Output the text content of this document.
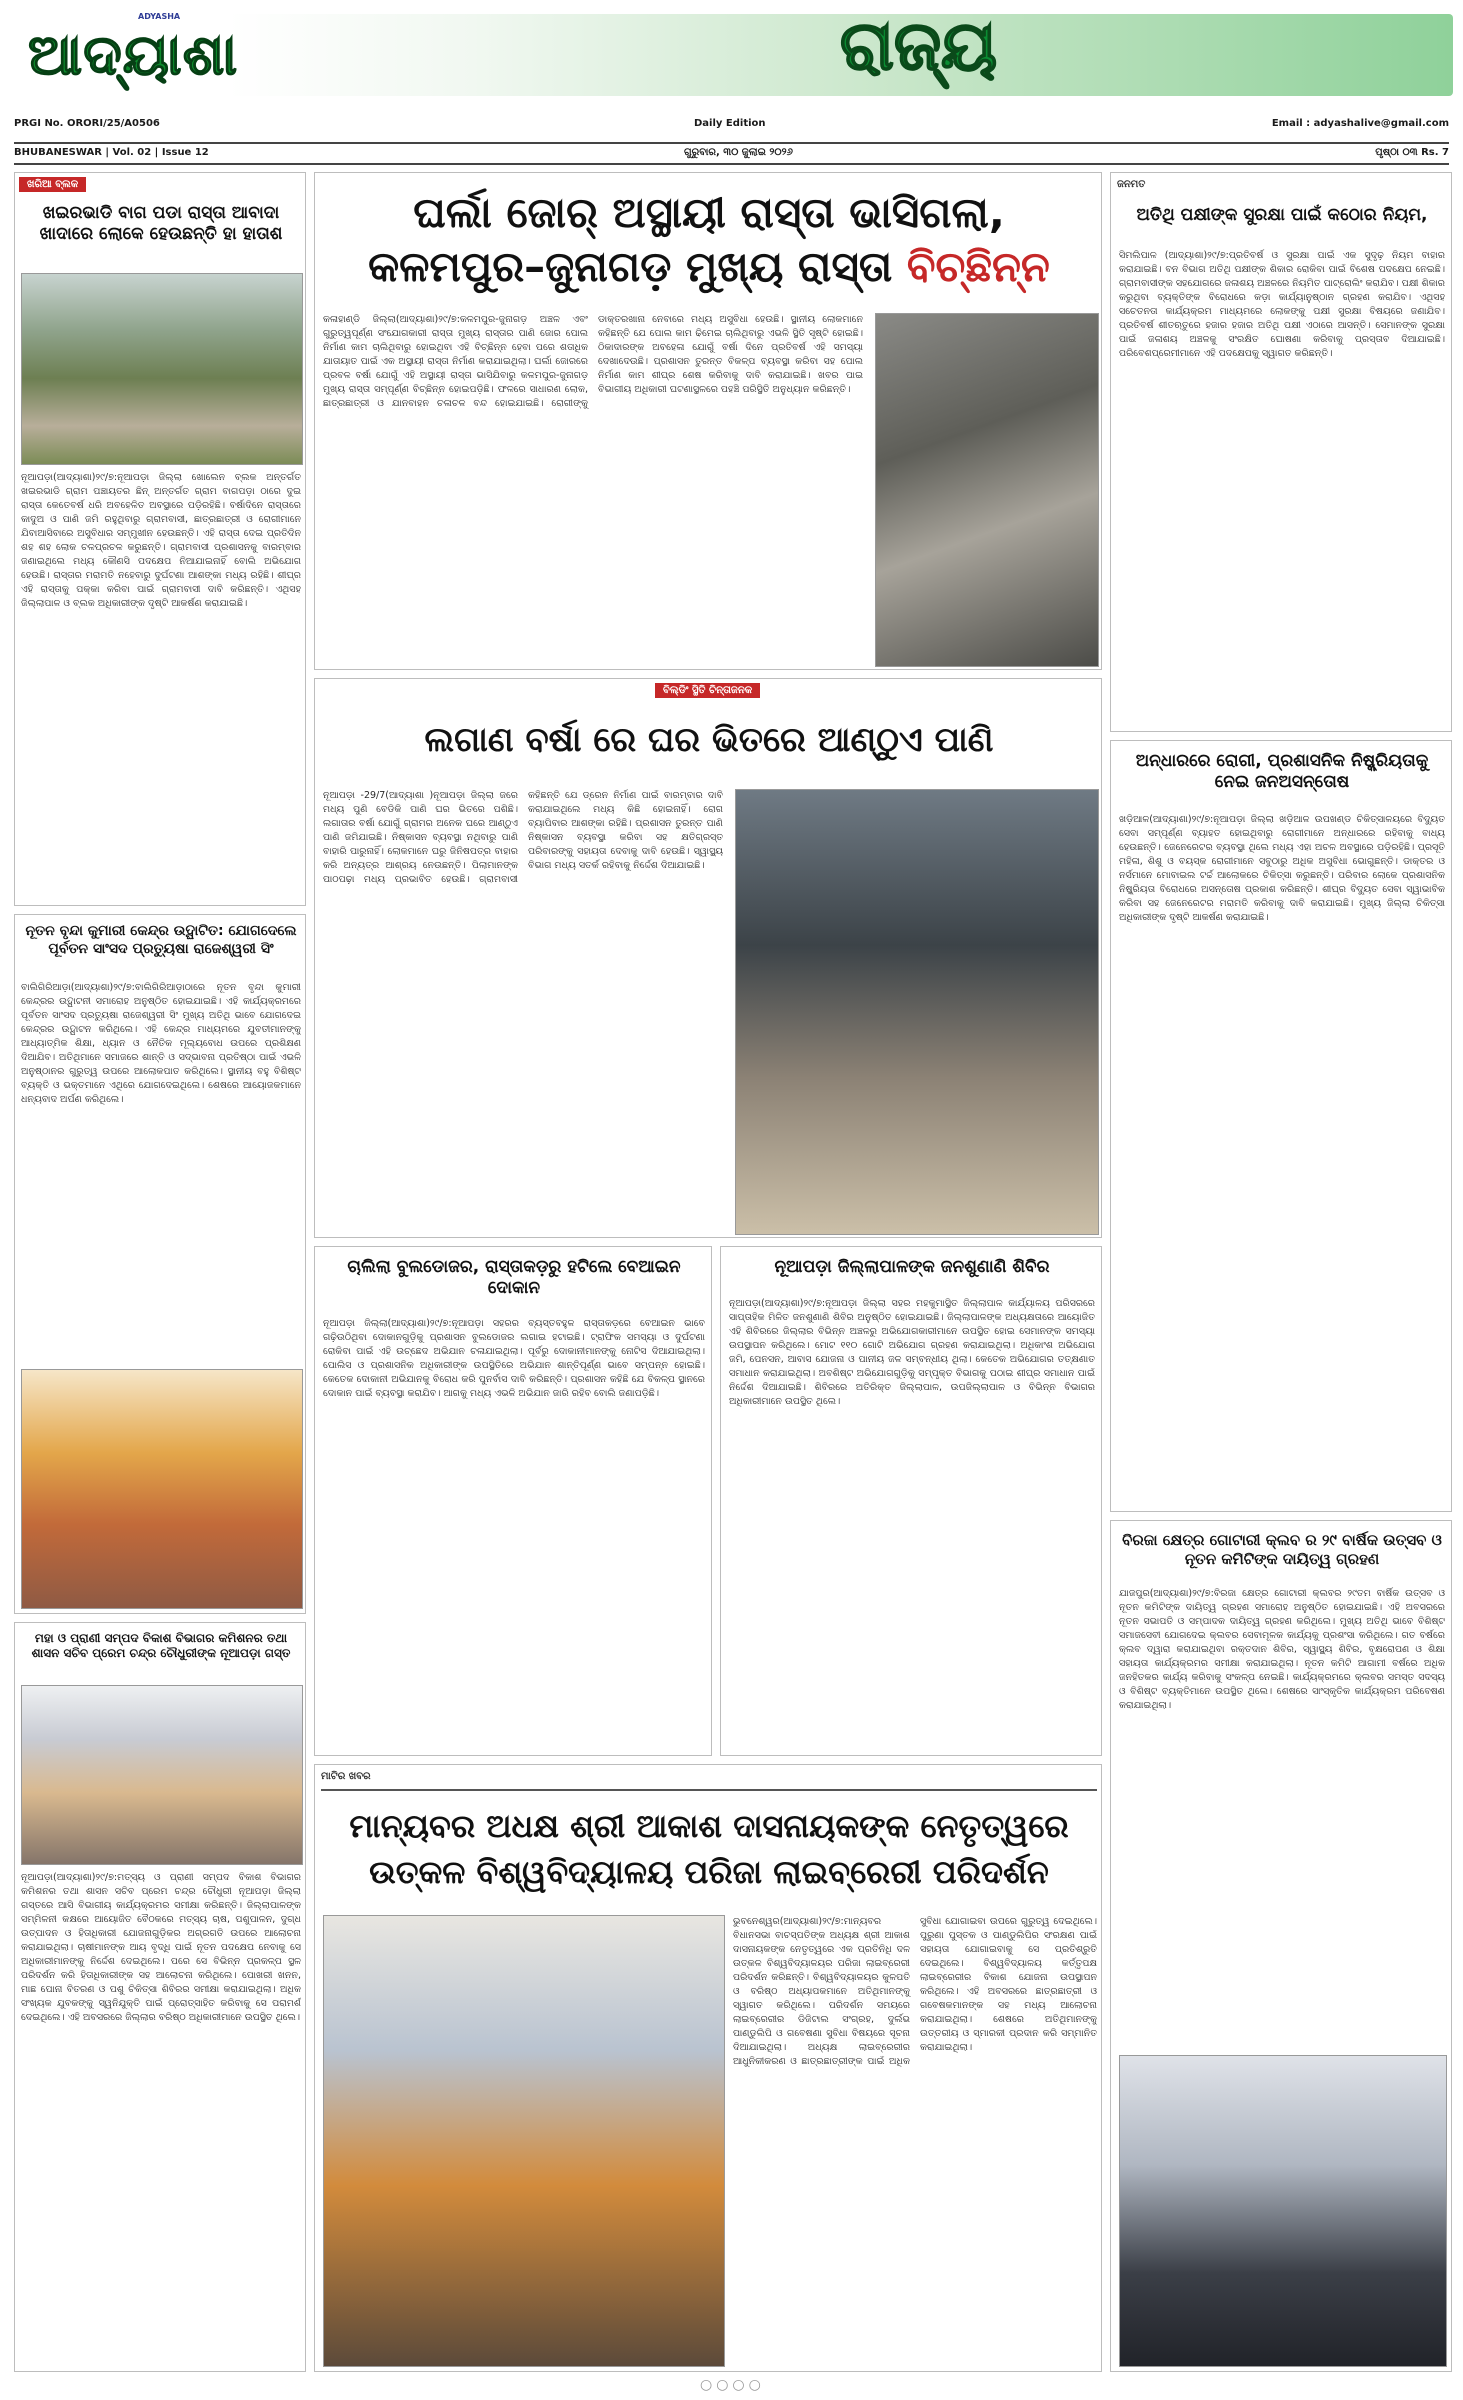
ADYASHA
ଆଦ୍ୟାଶା	ରାଜ୍ୟ
PRGI No. ORORI/25/A0506	Daily Edition	Email : adyashalive@gmail.com
BHUBANESWAR | Vol. 02 | Issue 12	ଗୁରୁବାର, ୩୦ ଜୁଲାଇ ୨୦୨୬	ପୃଷ୍ଠା ୦୩ Rs. 7
ଖରିଆ ବ୍ଲକ
ଖଇରଭାଡି ବାଗ ପଡା ରାସ୍ତା ଆବାଦା ଖାଦାରେ ଲୋକେ ହେଉଛନ୍ତି ହା ହାତାଶ
ନୂଆପଡ଼ା(ଆଦ୍ୟାଶା)୨୯/୭:ନୂଆପଡ଼ା ଜିଲ୍ଲା ଖୋଲେନ ବ୍ଲକ ଅନ୍ତର୍ଗତ ଖଇରଭାଡି ଗ୍ରାମ ପଞ୍ଚାୟତର ଛିନ୍ ଅନ୍ତର୍ଗତ ଗ୍ରାମ ବାଗପଡ଼ା ଠାରେ ଦୁଇ ରାସ୍ତା କେତେବର୍ଷ ଧରି ଅବହେଳିତ ଅବସ୍ଥାରେ ପଡ଼ିରହିଛି। ବର୍ଷାଦିନେ ରାସ୍ତାରେ କାଦୁଅ ଓ ପାଣି ଜମି ରହୁଥିବାରୁ ଗ୍ରାମବାସୀ, ଛାତ୍ରଛାତ୍ରୀ ଓ ରୋଗୀମାନେ ଯିବାଆସିବାରେ ଅସୁବିଧାର ସମ୍ମୁଖୀନ ହେଉଛନ୍ତି। ଏହି ରାସ୍ତା ଦେଇ ପ୍ରତିଦିନ ଶହ ଶହ ଲୋକ ଚଳପ୍ରଚଳ କରୁଛନ୍ତି। ଗ୍ରାମବାସୀ ପ୍ରଶାସନକୁ ବାରମ୍ବାର ଜଣାଇଥିଲେ ମଧ୍ୟ କୌଣସି ପଦକ୍ଷେପ ନିଆଯାଇନାହିଁ ବୋଲି ଅଭିଯୋଗ ହେଉଛି। ରାସ୍ତାର ମରାମତି ନହେବାରୁ ଦୁର୍ଘଟଣା ଆଶଙ୍କା ମଧ୍ୟ ରହିଛି। ଶୀଘ୍ର ଏହି ରାସ୍ତାକୁ ପକ୍କା କରିବା ପାଇଁ ଗ୍ରାମବାସୀ ଦାବି କରିଛନ୍ତି। ଏଥିସହ ଜିଲ୍ଲାପାଳ ଓ ବ୍ଲକ ଅଧିକାରୀଙ୍କ ଦୃଷ୍ଟି ଆକର୍ଷଣ କରାଯାଇଛି।
ଘର୍ଲା ଜୋର୍ ଅସ୍ଥାୟୀ ରାସ୍ତା ଭାସିଗଲା,
କଳମପୁର–ଜୁନାଗଡ଼ ମୁଖ୍ୟ ରାସ୍ତା ବିଚ୍ଛିନ୍ନ
କଳାହାଣ୍ଡି ଜିଲ୍ଲା(ଆଦ୍ୟାଶା)୨୯/୭:କଳମପୁର-ଜୁନାଗଡ଼ ଅଞ୍ଚଳ ଏବଂ ଗୁରୁତ୍ୱପୂର୍ଣ୍ଣ ସଂଯୋଗକାରୀ ରାସ୍ତା ମୁଖ୍ୟ ରାସ୍ତାର ପାଣି ଜୋର ପୋଲ ନିର୍ମାଣ କାମ ଚାଲିଥିବାରୁ ହୋଇଥିବା ଏହି ବିଚ୍ଛିନ୍ନ ହେବା ପରେ ଶତାଧିକ ଯାତାୟାତ ପାଇଁ ଏକ ଅସ୍ଥାୟୀ ରାସ୍ତା ନିର୍ମାଣ କରାଯାଇଥିଲା। ଘର୍ଲା ଜୋରରେ ପ୍ରବଳ ବର୍ଷା ଯୋଗୁଁ ଏହି ଅସ୍ଥାୟୀ ରାସ୍ତା ଭାସିଯିବାରୁ କଳମପୁର-ଜୁନାଗଡ଼ ମୁଖ୍ୟ ରାସ୍ତା ସମ୍ପୂର୍ଣ୍ଣ ବିଚ୍ଛିନ୍ନ ହୋଇପଡ଼ିଛି। ଫଳରେ ସାଧାରଣ ଲୋକ, ଛାତ୍ରଛାତ୍ରୀ ଓ ଯାନବାହନ ଚଳାଚଳ ବନ୍ଦ ହୋଇଯାଇଛି। ରୋଗୀଙ୍କୁ ଡାକ୍ତରଖାନା ନେବାରେ ମଧ୍ୟ ଅସୁବିଧା ହେଉଛି। ସ୍ଥାନୀୟ ଲୋକମାନେ କହିଛନ୍ତି ଯେ ପୋଲ କାମ ଢିମେଇ ଚାଲିଥିବାରୁ ଏଭଳି ସ୍ଥିତି ସୃଷ୍ଟି ହୋଇଛି। ଠିକାଦାରଙ୍କ ଅବହେଳା ଯୋଗୁଁ ବର୍ଷା ଦିନେ ପ୍ରତିବର୍ଷ ଏହି ସମସ୍ୟା ଦେଖାଦେଉଛି। ପ୍ରଶାସନ ତୁରନ୍ତ ବିକଳ୍ପ ବ୍ୟବସ୍ଥା କରିବା ସହ ପୋଲ ନିର୍ମାଣ କାମ ଶୀଘ୍ର ଶେଷ କରିବାକୁ ଦାବି କରାଯାଇଛି। ଖବର ପାଇ ବିଭାଗୀୟ ଅଧିକାରୀ ଘଟଣାସ୍ଥଳରେ ପହଞ୍ଚି ପରିସ୍ଥିତି ଅନୁଧ୍ୟାନ କରିଛନ୍ତି।
ଜନମତ
ଅତିଥି ପକ୍ଷୀଙ୍କ ସୁରକ୍ଷା ପାଇଁ କଠୋର ନିୟମ,
ସିମଲିପାଳ (ଆଦ୍ୟାଶା)୨୯/୭:ପ୍ରତିବର୍ଷ ଓ ସୁରକ୍ଷା ପାଇଁ ଏକ ସୁଦୃଢ଼ ନିୟମ ବାହାର କରାଯାଇଛି। ବନ ବିଭାଗ ଅତିଥି ପକ୍ଷୀଙ୍କ ଶିକାର ରୋକିବା ପାଇଁ ବିଶେଷ ପଦକ୍ଷେପ ନେଇଛି। ଗ୍ରାମବାସୀଙ୍କ ସହଯୋଗରେ ଜଳାଶୟ ଅଞ୍ଚଳରେ ନିୟମିତ ପାଟ୍ରୋଲିଂ କରାଯିବ। ପକ୍ଷୀ ଶିକାର କରୁଥିବା ବ୍ୟକ୍ତିଙ୍କ ବିରୋଧରେ କଡ଼ା କାର୍ଯ୍ୟାନୁଷ୍ଠାନ ଗ୍ରହଣ କରାଯିବ। ଏଥିସହ ସଚେତନତା କାର୍ଯ୍ୟକ୍ରମ ମାଧ୍ୟମରେ ଲୋକଙ୍କୁ ପକ୍ଷୀ ସୁରକ୍ଷା ବିଷୟରେ ଜଣାଯିବ। ପ୍ରତିବର୍ଷ ଶୀତଋତୁରେ ହଜାର ହଜାର ଅତିଥି ପକ୍ଷୀ ଏଠାରେ ଆସନ୍ତି। ସେମାନଙ୍କ ସୁରକ୍ଷା ପାଇଁ ଜଳାଶୟ ଅଞ୍ଚଳକୁ ସଂରକ୍ଷିତ ଘୋଷଣା କରିବାକୁ ପ୍ରସ୍ତାବ ଦିଆଯାଇଛି। ପରିବେଶପ୍ରେମୀମାନେ ଏହି ପଦକ୍ଷେପକୁ ସ୍ୱାଗତ କରିଛନ୍ତି।
ବିଲ୍ଡିଂ ସ୍ଥିତି ଚିନ୍ତାଜନକ
ଲଗାଣ ବର୍ଷା ରେ ଘର ଭିତରେ ଆଣ୍ଠୁଏ ପାଣି
ନୂଆପଡ଼ା -29/7(ଆଦ୍ୟାଶା )ନୂଆପଡ଼ା ଜିଲ୍ଲା ଜରେ ମଧ୍ୟ ପୁଣି ବେଡିକି ପାଣି ଘର ଭିତରେ ପଶିଛି। ଲଗାତାର ବର୍ଷା ଯୋଗୁଁ ଗ୍ରାମର ଅନେକ ଘରେ ଆଣ୍ଠୁଏ ପାଣି ଜମିଯାଇଛି। ନିଷ୍କାସନ ବ୍ୟବସ୍ଥା ନଥିବାରୁ ପାଣି ବାହାରି ପାରୁନାହିଁ। ଲୋକମାନେ ଘରୁ ଜିନିଷପତ୍ର ବାହାର କରି ଅନ୍ୟତ୍ର ଆଶ୍ରୟ ନେଉଛନ୍ତି। ପିଲାମାନଙ୍କ ପାଠପଢ଼ା ମଧ୍ୟ ପ୍ରଭାବିତ ହେଉଛି। ଗ୍ରାମବାସୀ କହିଛନ୍ତି ଯେ ଡ୍ରେନ ନିର୍ମାଣ ପାଇଁ ବାରମ୍ବାର ଦାବି କରାଯାଇଥିଲେ ମଧ୍ୟ କିଛି ହୋଇନାହିଁ। ରୋଗ ବ୍ୟାପିବାର ଆଶଙ୍କା ରହିଛି। ପ୍ରଶାସନ ତୁରନ୍ତ ପାଣି ନିଷ୍କାସନ ବ୍ୟବସ୍ଥା କରିବା ସହ କ୍ଷତିଗ୍ରସ୍ତ ପରିବାରଙ୍କୁ ସହାୟତା ଦେବାକୁ ଦାବି ହେଉଛି। ସ୍ୱାସ୍ଥ୍ୟ ବିଭାଗ ମଧ୍ୟ ସତର୍କ ରହିବାକୁ ନିର୍ଦ୍ଦେଶ ଦିଆଯାଇଛି।
ଅନ୍ଧାରରେ ରୋଗୀ, ପ୍ରଶାସନିକ ନିଷ୍କ୍ରିୟତାକୁ ନେଇ ଜନଅସନ୍ତୋଷ
ଖଡ଼ିଆଳ(ଆଦ୍ୟାଶା)୨୯/୭:ନୂଆପଡ଼ା ଜିଲ୍ଲା ଖଡ଼ିଆଳ ଉପଖଣ୍ଡ ଚିକିତ୍ସାଳୟରେ ବିଦ୍ୟୁତ ସେବା ସମ୍ପୂର୍ଣ୍ଣ ବ୍ୟାହତ ହୋଇଥିବାରୁ ରୋଗୀମାନେ ଅନ୍ଧାରରେ ରହିବାକୁ ବାଧ୍ୟ ହେଉଛନ୍ତି। ଜେନେରେଟର ବ୍ୟବସ୍ଥା ଥିଲେ ମଧ୍ୟ ଏହା ଅଚଳ ଅବସ୍ଥାରେ ପଡ଼ିରହିଛି। ପ୍ରସୂତି ମହିଳା, ଶିଶୁ ଓ ବୟସ୍କ ରୋଗୀମାନେ ସବୁଠାରୁ ଅଧିକ ଅସୁବିଧା ଭୋଗୁଛନ୍ତି। ଡାକ୍ତର ଓ ନର୍ସମାନେ ମୋବାଇଲ ଟର୍ଚ୍ଚ ଆଲୋକରେ ଚିକିତ୍ସା କରୁଛନ୍ତି। ପରିବାର ଲୋକେ ପ୍ରଶାସନିକ ନିଷ୍କ୍ରିୟତା ବିରୋଧରେ ଅସନ୍ତୋଷ ପ୍ରକାଶ କରିଛନ୍ତି। ଶୀଘ୍ର ବିଦ୍ୟୁତ ସେବା ସ୍ୱାଭାବିକ କରିବା ସହ ଜେନେରେଟର ମରାମତି କରିବାକୁ ଦାବି କରାଯାଇଛି। ମୁଖ୍ୟ ଜିଲ୍ଲା ଚିକିତ୍ସା ଅଧିକାରୀଙ୍କ ଦୃଷ୍ଟି ଆକର୍ଷଣ କରାଯାଇଛି।
ନୂତନ ବୃନ୍ଦା କୁମାରୀ କେନ୍ଦ୍ର ଉଦ୍ଘାଟିତ: ଯୋଗଦେଲେ ପୂର୍ବତନ ସାଂସଦ ପ୍ରତ୍ୟୁଷା ରାଜେଶ୍ୱରୀ ସିଂ
ବାଲିଗିରିଆଡ଼ା(ଆଦ୍ୟାଶା)୨୯/୭:ବାଲିଗିରିଆଡ଼ାଠାରେ ନୂତନ ବୃନ୍ଦା କୁମାରୀ କେନ୍ଦ୍ରର ଉଦ୍ଘାଟନୀ ସମାରୋହ ଅନୁଷ୍ଠିତ ହୋଇଯାଇଛି। ଏହି କାର୍ଯ୍ୟକ୍ରମରେ ପୂର୍ବତନ ସାଂସଦ ପ୍ରତ୍ୟୁଷା ରାଜେଶ୍ୱରୀ ସିଂ ମୁଖ୍ୟ ଅତିଥି ଭାବେ ଯୋଗଦେଇ କେନ୍ଦ୍ରର ଉଦ୍ଘାଟନ କରିଥିଲେ। ଏହି କେନ୍ଦ୍ର ମାଧ୍ୟମରେ ଯୁବତୀମାନଙ୍କୁ ଆଧ୍ୟାତ୍ମିକ ଶିକ୍ଷା, ଧ୍ୟାନ ଓ ନୈତିକ ମୂଲ୍ୟବୋଧ ଉପରେ ପ୍ରଶିକ୍ଷଣ ଦିଆଯିବ। ଅତିଥିମାନେ ସମାଜରେ ଶାନ୍ତି ଓ ସଦ୍ଭାବନା ପ୍ରତିଷ୍ଠା ପାଇଁ ଏଭଳି ଅନୁଷ୍ଠାନର ଗୁରୁତ୍ୱ ଉପରେ ଆଲୋକପାତ କରିଥିଲେ। ସ୍ଥାନୀୟ ବହୁ ବିଶିଷ୍ଟ ବ୍ୟକ୍ତି ଓ ଭକ୍ତମାନେ ଏଥିରେ ଯୋଗଦେଇଥିଲେ। ଶେଷରେ ଆୟୋଜକମାନେ ଧନ୍ୟବାଦ ଅର୍ପଣ କରିଥିଲେ।
ଚାଲିଲା ବୁଲଡୋଜର, ରାସ୍ତାକଡ଼ରୁ ହଟିଲେ ବେଆଇନ ଦୋକାନ
ନୂଆପଡ଼ା ଜିଲ୍ଲା(ଆଦ୍ୟାଶା)୨୯/୭:ନୂଆପଡ଼ା ସହରର ବ୍ୟସ୍ତବହୁଳ ରାସ୍ତାକଡ଼ରେ ବେଆଇନ ଭାବେ ଗଢ଼ିଉଠିଥିବା ଦୋକାନଗୁଡ଼ିକୁ ପ୍ରଶାସନ ବୁଲଡୋଜର ଲଗାଇ ହଟାଇଛି। ଟ୍ରାଫିକ ସମସ୍ୟା ଓ ଦୁର୍ଘଟଣା ରୋକିବା ପାଇଁ ଏହି ଉଚ୍ଛେଦ ଅଭିଯାନ ଚଳାଯାଇଥିଲା। ପୂର୍ବରୁ ଦୋକାନୀମାନଙ୍କୁ ନୋଟିସ ଦିଆଯାଇଥିଲା। ପୋଲିସ ଓ ପ୍ରଶାସନିକ ଅଧିକାରୀଙ୍କ ଉପସ୍ଥିତିରେ ଅଭିଯାନ ଶାନ୍ତିପୂର୍ଣ୍ଣ ଭାବେ ସମ୍ପନ୍ନ ହୋଇଛି। କେତେକ ଦୋକାନୀ ଅଭିଯାନକୁ ବିରୋଧ କରି ପୁନର୍ବାସ ଦାବି କରିଛନ୍ତି। ପ୍ରଶାସନ କହିଛି ଯେ ବିକଳ୍ପ ସ୍ଥାନରେ ଦୋକାନ ପାଇଁ ବ୍ୟବସ୍ଥା କରାଯିବ। ଆଗକୁ ମଧ୍ୟ ଏଭଳି ଅଭିଯାନ ଜାରି ରହିବ ବୋଲି ଜଣାପଡ଼ିଛି।
ନୂଆପଡ଼ା ଜିଲ୍ଲାପାଳଙ୍କ ଜନଶୁଣାଣି ଶିବିର
ନୂଆପଡ଼ା(ଆଦ୍ୟାଶା)୨୯/୭:ନୂଆପଡ଼ା ଜିଲ୍ଲା ସହର ମହକୁମାସ୍ଥିତ ଜିଲ୍ଲାପାଳ କାର୍ଯ୍ୟାଳୟ ପରିସରରେ ସାପ୍ତାହିକ ମିଳିତ ଜନଶୁଣାଣି ଶିବିର ଅନୁଷ୍ଠିତ ହୋଇଯାଇଛି। ଜିଲ୍ଲାପାଳଙ୍କ ଅଧ୍ୟକ୍ଷତାରେ ଆୟୋଜିତ ଏହି ଶିବିରରେ ଜିଲ୍ଲାର ବିଭିନ୍ନ ଅଞ୍ଚଳରୁ ଅଭିଯୋଗକାରୀମାନେ ଉପସ୍ଥିତ ହୋଇ ସେମାନଙ୍କ ସମସ୍ୟା ଉପସ୍ଥାପନ କରିଥିଲେ। ମୋଟ ୧୧୦ ଗୋଟି ଅଭିଯୋଗ ଗ୍ରହଣ କରାଯାଇଥିଲା। ଅଧିକାଂଶ ଅଭିଯୋଗ ଜମି, ପେନସନ, ଆବାସ ଯୋଜନା ଓ ପାନୀୟ ଜଳ ସମ୍ବନ୍ଧୀୟ ଥିଲା। କେତେକ ଅଭିଯୋଗର ତତ୍କ୍ଷଣାତ ସମାଧାନ କରାଯାଇଥିଲା। ଅବଶିଷ୍ଟ ଅଭିଯୋଗଗୁଡ଼ିକୁ ସମ୍ପୃକ୍ତ ବିଭାଗକୁ ପଠାଇ ଶୀଘ୍ର ସମାଧାନ ପାଇଁ ନିର୍ଦ୍ଦେଶ ଦିଆଯାଇଛି। ଶିବିରରେ ଅତିରିକ୍ତ ଜିଲ୍ଲାପାଳ, ଉପଜିଲ୍ଲାପାଳ ଓ ବିଭିନ୍ନ ବିଭାଗର ଅଧିକାରୀମାନେ ଉପସ୍ଥିତ ଥିଲେ।
ବିରଜା କ୍ଷେତ୍ର ଗୋଟାରୀ କ୍ଲବ ର ୨୯ ବାର୍ଷିକ ଉତ୍ସବ ଓ ନୂତନ କମିଟିଙ୍କ ଦାୟିତ୍ୱ ଗ୍ରହଣ
ଯାଜପୁର(ଆଦ୍ୟାଶା)୨୯/୭:ବିରଜା କ୍ଷେତ୍ର ଗୋଟାରୀ କ୍ଲବର ୨୯ତମ ବାର୍ଷିକ ଉତ୍ସବ ଓ ନୂତନ କମିଟିଙ୍କ ଦାୟିତ୍ୱ ଗ୍ରହଣ ସମାରୋହ ଅନୁଷ୍ଠିତ ହୋଇଯାଇଛି। ଏହି ଅବସରରେ ନୂତନ ସଭାପତି ଓ ସମ୍ପାଦକ ଦାୟିତ୍ୱ ଗ୍ରହଣ କରିଥିଲେ। ମୁଖ୍ୟ ଅତିଥି ଭାବେ ବିଶିଷ୍ଟ ସମାଜସେବୀ ଯୋଗଦେଇ କ୍ଲବର ସେବାମୂଳକ କାର୍ଯ୍ୟକୁ ପ୍ରଶଂସା କରିଥିଲେ। ଗତ ବର୍ଷରେ କ୍ଲବ ଦ୍ୱାରା କରାଯାଇଥିବା ରକ୍ତଦାନ ଶିବିର, ସ୍ୱାସ୍ଥ୍ୟ ଶିବିର, ବୃକ୍ଷରୋପଣ ଓ ଶିକ୍ଷା ସହାୟତା କାର୍ଯ୍ୟକ୍ରମର ସମୀକ୍ଷା କରାଯାଇଥିଲା। ନୂତନ କମିଟି ଆଗାମୀ ବର୍ଷରେ ଅଧିକ ଜନହିତକର କାର୍ଯ୍ୟ କରିବାକୁ ସଂକଳ୍ପ ନେଇଛି। କାର୍ଯ୍ୟକ୍ରମରେ କ୍ଲବର ସମସ୍ତ ସଦସ୍ୟ ଓ ବିଶିଷ୍ଟ ବ୍ୟକ୍ତିମାନେ ଉପସ୍ଥିତ ଥିଲେ। ଶେଷରେ ସାଂସ୍କୃତିକ କାର୍ଯ୍ୟକ୍ରମ ପରିବେଷଣ କରାଯାଇଥିଲା।
ମହା ଓ ପ୍ରାଣୀ ସମ୍ପଦ ବିକାଶ ବିଭାଗର କମିଶନର ତଥା ଶାସନ ସଚିବ ପ୍ରେମ ଚନ୍ଦ୍ର ଚୌଧୁରୀଙ୍କ ନୂଆପଡ଼ା ଗସ୍ତ
ନୂଆପଡ଼ା(ଆଦ୍ୟାଶା)୨୯/୭:ମତ୍ସ୍ୟ ଓ ପ୍ରାଣୀ ସମ୍ପଦ ବିକାଶ ବିଭାଗର କମିଶନର ତଥା ଶାସନ ସଚିବ ପ୍ରେମ ଚନ୍ଦ୍ର ଚୌଧୁରୀ ନୂଆପଡ଼ା ଜିଲ୍ଲା ଗସ୍ତରେ ଆସି ବିଭାଗୀୟ କାର୍ଯ୍ୟକ୍ରମର ସମୀକ୍ଷା କରିଛନ୍ତି। ଜିଲ୍ଲାପାଳଙ୍କ ସମ୍ମିଳନୀ କକ୍ଷରେ ଆୟୋଜିତ ବୈଠକରେ ମତ୍ସ୍ୟ ଚାଷ, ପଶୁପାଳନ, ଦୁଗ୍ଧ ଉତ୍ପାଦନ ଓ ହିତାଧିକାରୀ ଯୋଜନାଗୁଡ଼ିକର ଅଗ୍ରଗତି ଉପରେ ଆଲୋଚନା କରାଯାଇଥିଲା। ଚାଷୀମାନଙ୍କ ଆୟ ବୃଦ୍ଧି ପାଇଁ ନୂତନ ପଦକ୍ଷେପ ନେବାକୁ ସେ ଅଧିକାରୀମାନଙ୍କୁ ନିର୍ଦ୍ଦେଶ ଦେଇଥିଲେ। ପରେ ସେ ବିଭିନ୍ନ ପ୍ରକଳ୍ପ ସ୍ଥଳ ପରିଦର୍ଶନ କରି ହିତାଧିକାରୀଙ୍କ ସହ ଆଲୋଚନା କରିଥିଲେ। ପୋଖରୀ ଖନନ, ମାଛ ପୋନା ବିତରଣ ଓ ପଶୁ ଚିକିତ୍ସା ଶିବିରର ସମୀକ୍ଷା କରାଯାଇଥିଲା। ଅଧିକ ସଂଖ୍ୟକ ଯୁବକଙ୍କୁ ସ୍ୱନିଯୁକ୍ତି ପାଇଁ ପ୍ରୋତ୍ସାହିତ କରିବାକୁ ସେ ପରାମର୍ଶ ଦେଇଥିଲେ। ଏହି ଅବସରରେ ଜିଲ୍ଲାର ବରିଷ୍ଠ ଅଧିକାରୀମାନେ ଉପସ୍ଥିତ ଥିଲେ।
ମାଟିର ଖବର
ମାନ୍ୟବର ଅଧକ୍ଷ ଶ୍ରୀ ଆକାଶ ଦାସନାୟକଙ୍କ ନେତୃତ୍ୱରେ
ଉତ୍କଳ ବିଶ୍ୱବିଦ୍ୟାଳୟ ପରିଜା ଲାଇବ୍ରେରୀ ପରିଦର୍ଶନ
ଭୁବନେଶ୍ୱର(ଆଦ୍ୟାଶା)୨୯/୭:ମାନ୍ୟବର ବିଧାନସଭା ବାଚସ୍ପତିଙ୍କ ଅଧ୍ୟକ୍ଷ ଶ୍ରୀ ଆକାଶ ଦାସନାୟକଙ୍କ ନେତୃତ୍ୱରେ ଏକ ପ୍ରତିନିଧି ଦଳ ଉତ୍କଳ ବିଶ୍ୱବିଦ୍ୟାଳୟର ପରିଜା ଲାଇବ୍ରେରୀ ପରିଦର୍ଶନ କରିଛନ୍ତି। ବିଶ୍ୱବିଦ୍ୟାଳୟର କୁଳପତି ଓ ବରିଷ୍ଠ ଅଧ୍ୟାପକମାନେ ଅତିଥିମାନଙ୍କୁ ସ୍ୱାଗତ କରିଥିଲେ। ପରିଦର୍ଶନ ସମୟରେ ଲାଇବ୍ରେରୀର ଡିଜିଟାଲ ସଂଗ୍ରହ, ଦୁର୍ଲଭ ପାଣ୍ଡୁଲିପି ଓ ଗବେଷଣା ସୁବିଧା ବିଷୟରେ ସୂଚନା ଦିଆଯାଇଥିଲା। ଅଧ୍ୟକ୍ଷ ଲାଇବ୍ରେରୀର ଆଧୁନିକୀକରଣ ଓ ଛାତ୍ରଛାତ୍ରୀଙ୍କ ପାଇଁ ଅଧିକ ସୁବିଧା ଯୋଗାଇବା ଉପରେ ଗୁରୁତ୍ୱ ଦେଇଥିଲେ। ପୁରୁଣା ପୁସ୍ତକ ଓ ପାଣ୍ଡୁଲିପିର ସଂରକ୍ଷଣ ପାଇଁ ସହାୟତା ଯୋଗାଇବାକୁ ସେ ପ୍ରତିଶ୍ରୁତି ଦେଇଥିଲେ। ବିଶ୍ୱବିଦ୍ୟାଳୟ କର୍ତ୍ତୃପକ୍ଷ ଲାଇବ୍ରେରୀର ବିକାଶ ଯୋଜନା ଉପସ୍ଥାପନ କରିଥିଲେ। ଏହି ଅବସରରେ ଛାତ୍ରଛାତ୍ରୀ ଓ ଗବେଷକମାନଙ୍କ ସହ ମଧ୍ୟ ଆଲୋଚନା କରାଯାଇଥିଲା। ଶେଷରେ ଅତିଥିମାନଙ୍କୁ ଉତ୍ତରୀୟ ଓ ସ୍ମାରକୀ ପ୍ରଦାନ କରି ସମ୍ମାନିତ କରାଯାଇଥିଲା।
○○○○
